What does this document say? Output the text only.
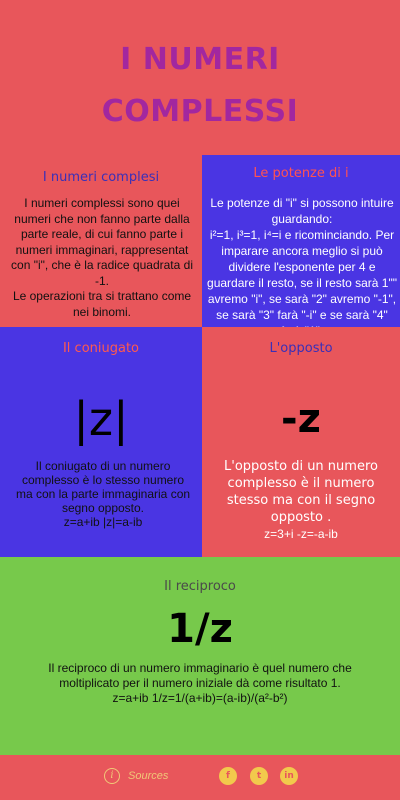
I NUMERI
COMPLESSI
I numeri complesi
I numeri complessi sono quei numeri che non fanno parte dalla parte reale, di cui fanno parte i numeri immaginari, rappresentat con "i", che è la radice quadrata di -1.
Le operazioni tra si trattano come nei binomi.
Le potenze di i
Le potenze di "i" si possono intuire guardando:
i²=1, i³=1, i⁴=i e ricominciando. Per imparare ancora meglio si può dividere l'esponente per 4 e guardare il resto, se il resto sarà 1"" avremo "i", se sarà "2" avremo "-1", se sarà "3" farà "-i" e se sarà "4"
Il coniugato
|z|
Il coniugato di un numero complesso è lo stesso numero ma con la parte immaginaria con segno opposto.
z=a+ib |z|=a-ib
L'opposto
-z
L'opposto di un numero complesso è il numero stesso ma con il segno opposto .
z=3+i -z=-a-ib
Il reciproco
1/z
Il reciproco di un numero immaginario è quel numero che moltiplicato per il numero iniziale dà come risultato 1.
z=a+ib 1/z=1/(a+ib)=(a-ib)/(a²-b²)
i	Sources	f	t	in
